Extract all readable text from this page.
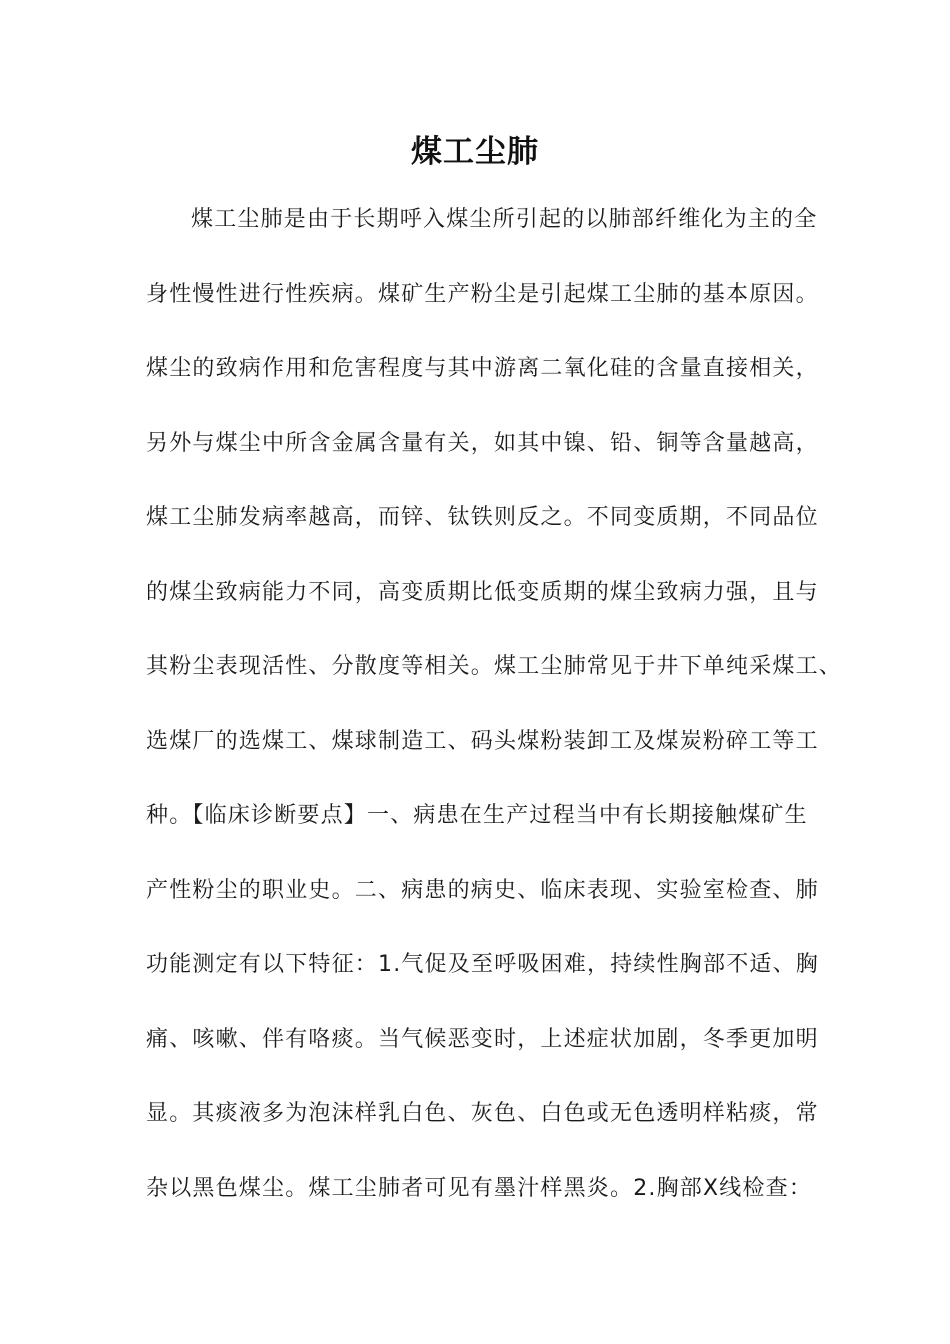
煤工尘肺
煤工尘肺是由于长期呼入煤尘所引起的以肺部纤维化为主的全
身性慢性进行性疾病。煤矿生产粉尘是引起煤工尘肺的基本原因。
煤尘的致病作用和危害程度与其中游离二氧化硅的含量直接相关，
另外与煤尘中所含金属含量有关，如其中镍、铅、铜等含量越高，
煤工尘肺发病率越高，而锌、钛铁则反之。不同变质期，不同品位
的煤尘致病能力不同，高变质期比低变质期的煤尘致病力强，且与
其粉尘表现活性、分散度等相关。煤工尘肺常见于井下单纯采煤工、
选煤厂的选煤工、煤球制造工、码头煤粉装卸工及煤炭粉碎工等工
种。【临床诊断要点】一、病患在生产过程当中有长期接触煤矿生
产性粉尘的职业史。二、病患的病史、临床表现、实验室检查、肺
功能测定有以下特征：1.气促及至呼吸困难，持续性胸部不适、胸
痛、咳嗽、伴有咯痰。当气候恶变时，上述症状加剧，冬季更加明
显。其痰液多为泡沫样乳白色、灰色、白色或无色透明样粘痰，常
杂以黑色煤尘。煤工尘肺者可见有墨汁样黑炎。2.胸部X线检查：
